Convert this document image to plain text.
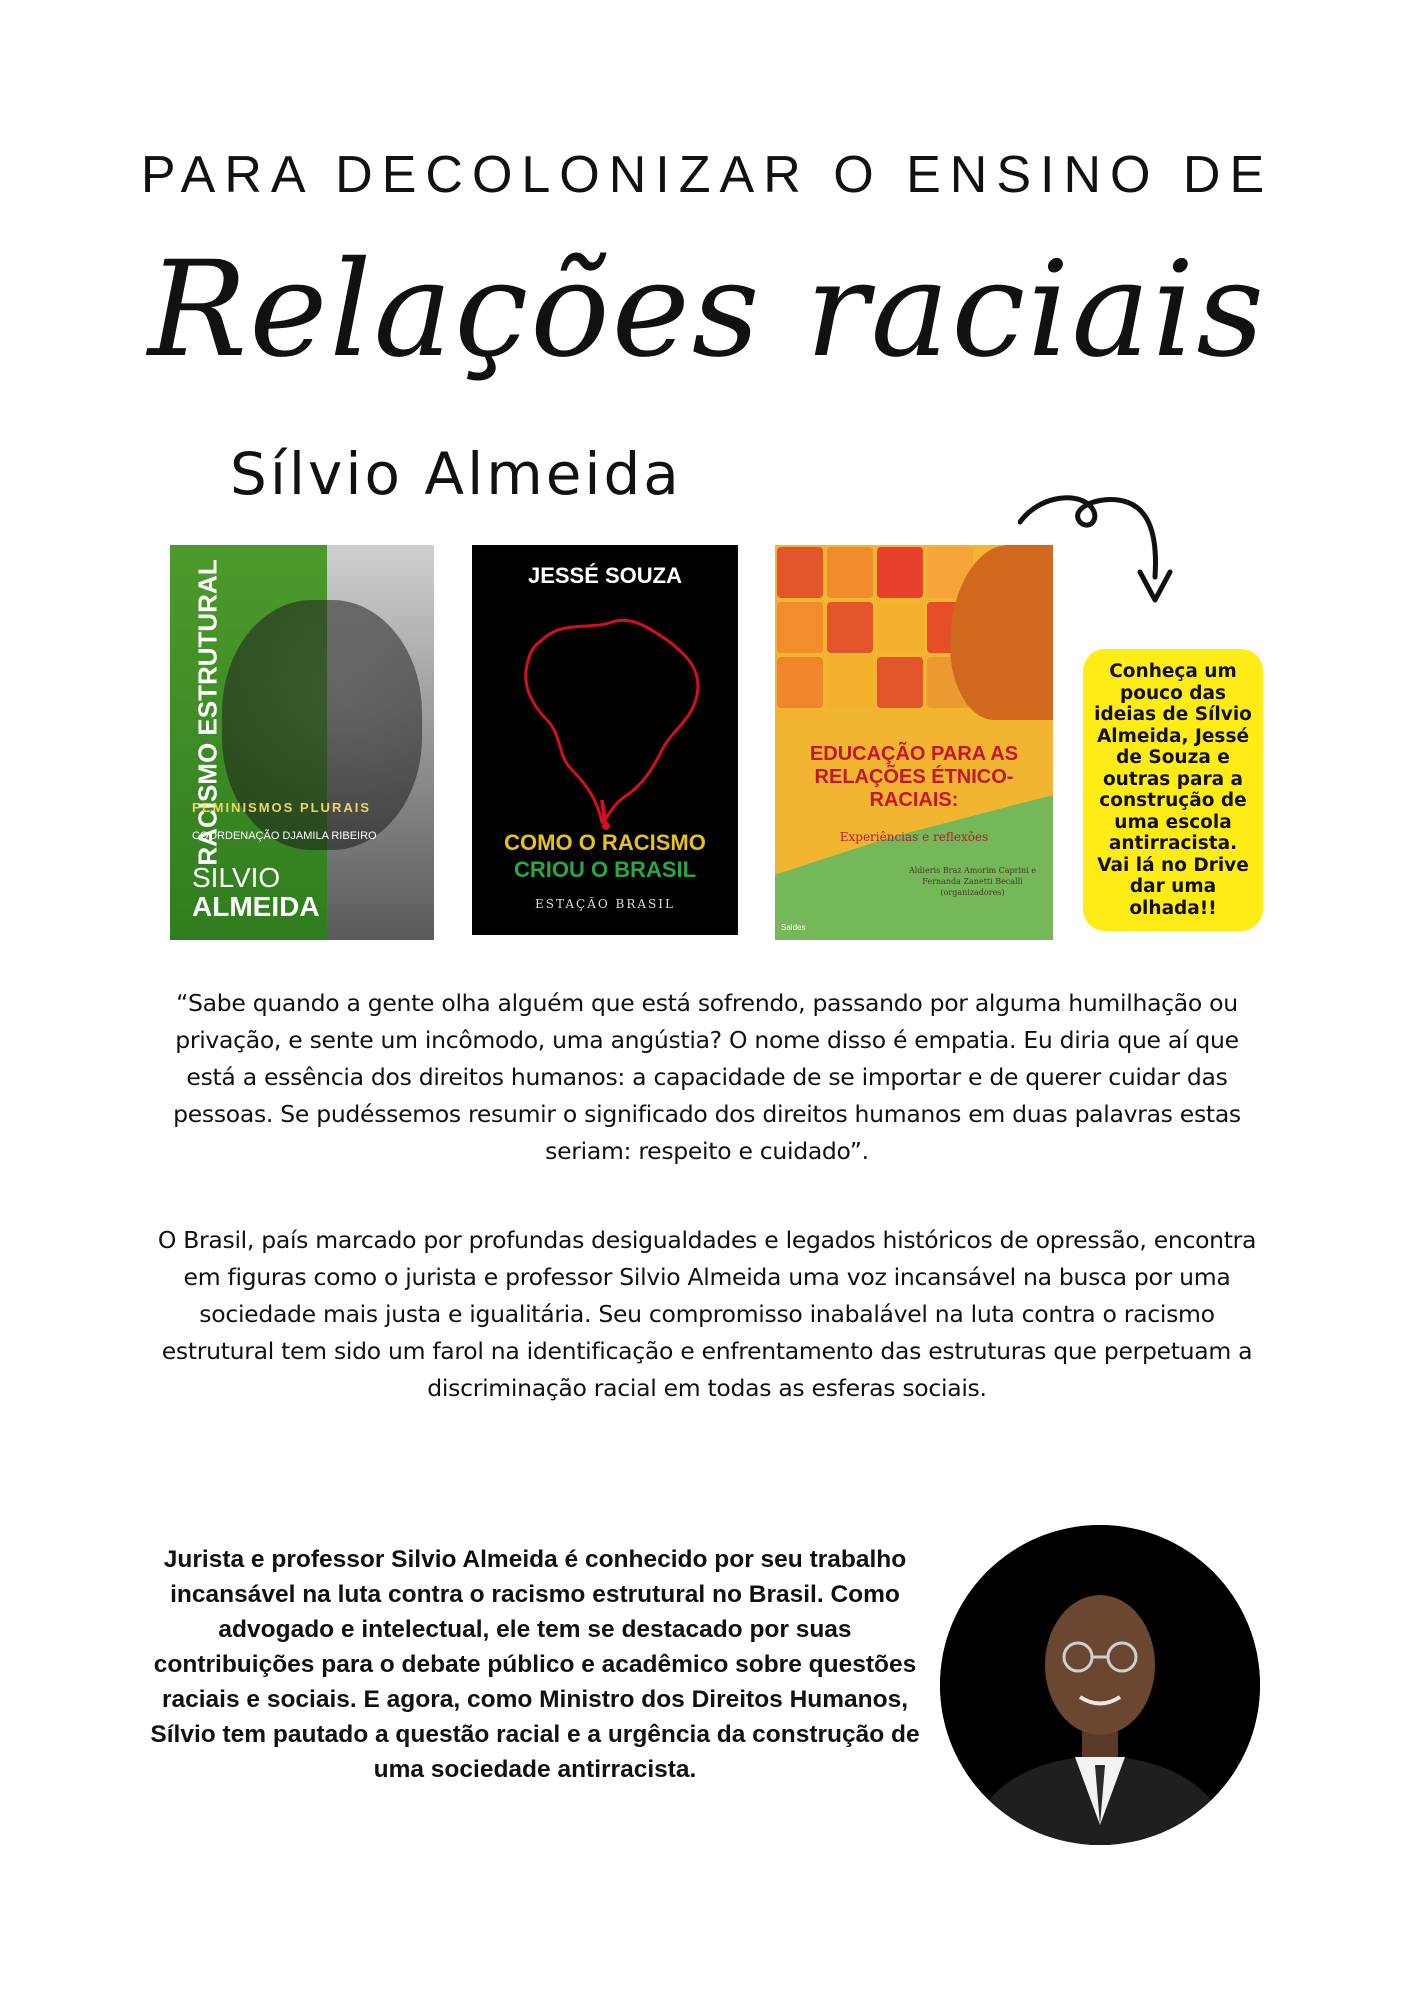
PARA DECOLONIZAR O ENSINO DE
Relações raciais
Sílvio Almeida
RACISMO ESTRUTURAL
FEMINISMOS PLURAIS
COORDENAÇÃO DJAMILA RIBEIRO
SILVIO
ALMEIDA
JESSÉ SOUZA
COMO O RACISMO
CRIOU O BRASIL
ESTAÇÃO BRASIL
EDUCAÇÃO PARA AS RELAÇÕES ÉTNICO-RACIAIS:
Experiências e reflexões
Aldieris Braz Amorim Caprini e Fernanda Zanetti Becalli (organizadores)
Saldes
Conheça um pouco das ideias de Sílvio Almeida, Jessé de Souza e outras para a construção de uma escola antirracista. Vai lá no Drive dar uma olhada!!
“Sabe quando a gente olha alguém que está sofrendo, passando por alguma humilhação ou privação, e sente um incômodo, uma angústia? O nome disso é empatia. Eu diria que aí que está a essência dos direitos humanos: a capacidade de se importar e de querer cuidar das pessoas. Se pudéssemos resumir o significado dos direitos humanos em duas palavras estas seriam: respeito e cuidado”.
O Brasil, país marcado por profundas desigualdades e legados históricos de opressão, encontra em figuras como o jurista e professor Silvio Almeida uma voz incansável na busca por uma sociedade mais justa e igualitária. Seu compromisso inabalável na luta contra o racismo estrutural tem sido um farol na identificação e enfrentamento das estruturas que perpetuam a discriminação racial em todas as esferas sociais.
Jurista e professor Silvio Almeida é conhecido por seu trabalho incansável na luta contra o racismo estrutural no Brasil. Como advogado e intelectual, ele tem se destacado por suas contribuições para o debate público e acadêmico sobre questões raciais e sociais. E agora, como Ministro dos Direitos Humanos, Sílvio tem pautado a questão racial e a urgência da construção de uma sociedade antirracista.
